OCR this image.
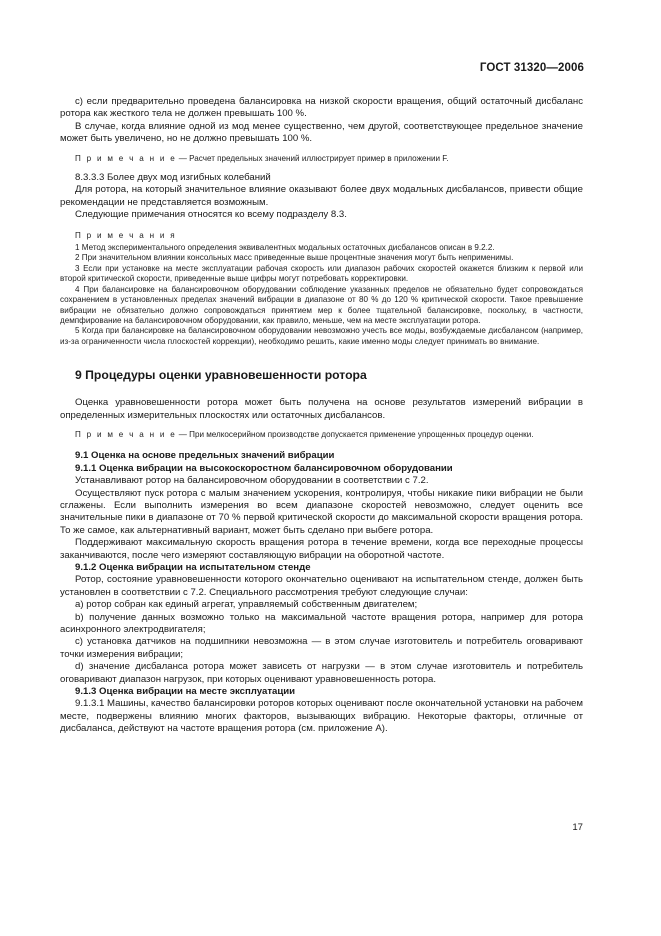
ГОСТ 31320—2006

с) если предварительно проведена балансировка на низкой скорости вращения, общий остаточный дисбаланс ротора как жесткого тела не должен превышать 100 %.

В случае, когда влияние одной из мод менее существенно, чем другой, соответствующее предельное значение может быть увеличено, но не должно превышать 100 %.

П р и м е ч а н и е — Расчет предельных значений иллюстрирует пример в приложении F.

8.3.3.3 Более двух мод изгибных колебаний

Для ротора, на который значительное влияние оказывают более двух модальных дисбалансов, привести общие рекомендации не представляется возможным.

Следующие примечания относятся ко всему подразделу 8.3.

П р и м е ч а н и я

1 Метод экспериментального определения эквивалентных модальных остаточных дисбалансов описан в 9.2.2.

2 При значительном влиянии консольных масс приведенные выше процентные значения могут быть неприменимы.

3 Если при установке на месте эксплуатации рабочая скорость или диапазон рабочих скоростей окажется близким к первой или второй критической скорости, приведенные выше цифры могут потребовать корректировки.

4 При балансировке на балансировочном оборудовании соблюдение указанных пределов не обязательно будет сопровождаться сохранением в установленных пределах значений вибрации в диапазоне от 80 % до 120 % критической скорости. Такое превышение вибрации не обязательно должно сопровождаться принятием мер к более тщательной балансировке, поскольку, в частности, демпфирование на балансировочном оборудовании, как правило, меньше, чем на месте эксплуатации ротора.

5 Когда при балансировке на балансировочном оборудовании невозможно учесть все моды, возбуждаемые дисбалансом (например, из-за ограниченности числа плоскостей коррекции), необходимо решить, какие именно моды следует принимать во внимание.

9 Процедуры оценки уравновешенности ротора

Оценка уравновешенности ротора может быть получена на основе результатов измерений вибрации в определенных измерительных плоскостях или остаточных дисбалансов.

П р и м е ч а н и е — При мелкосерийном производстве допускается применение упрощенных процедур оценки.

9.1 Оценка на основе предельных значений вибрации

9.1.1 Оценка вибрации на высокоскоростном балансировочном оборудовании

Устанавливают ротор на балансировочном оборудовании в соответствии с 7.2.

Осуществляют пуск ротора с малым значением ускорения, контролируя, чтобы никакие пики вибрации не были сглажены. Если выполнить измерения во всем диапазоне скоростей невозможно, следует оценить все значительные пики в диапазоне от 70 % первой критической скорости до максимальной скорости вращения ротора. То же самое, как альтернативный вариант, может быть сделано при выбеге ротора.

Поддерживают максимальную скорость вращения ротора в течение времени, когда все переходные процессы заканчиваются, после чего измеряют составляющую вибрации на оборотной частоте.

9.1.2 Оценка вибрации на испытательном стенде

Ротор, состояние уравновешенности которого окончательно оценивают на испытательном стенде, должен быть установлен в соответствии с 7.2. Специального рассмотрения требуют следующие случаи:

а) ротор собран как единый агрегат, управляемый собственным двигателем;

b) получение данных возможно только на максимальной частоте вращения ротора, например для ротора асинхронного электродвигателя;

с) установка датчиков на подшипники невозможна — в этом случае изготовитель и потребитель оговаривают точки измерения вибрации;

d) значение дисбаланса ротора может зависеть от нагрузки — в этом случае изготовитель и потребитель оговаривают диапазон нагрузок, при которых оценивают уравновешенность ротора.

9.1.3 Оценка вибрации на месте эксплуатации

9.1.3.1 Машины, качество балансировки роторов которых оценивают после окончательной установки на рабочем месте, подвержены влиянию многих факторов, вызывающих вибрацию. Некоторые факторы, отличные от дисбаланса, действуют на частоте вращения ротора (см. приложение А).

17
